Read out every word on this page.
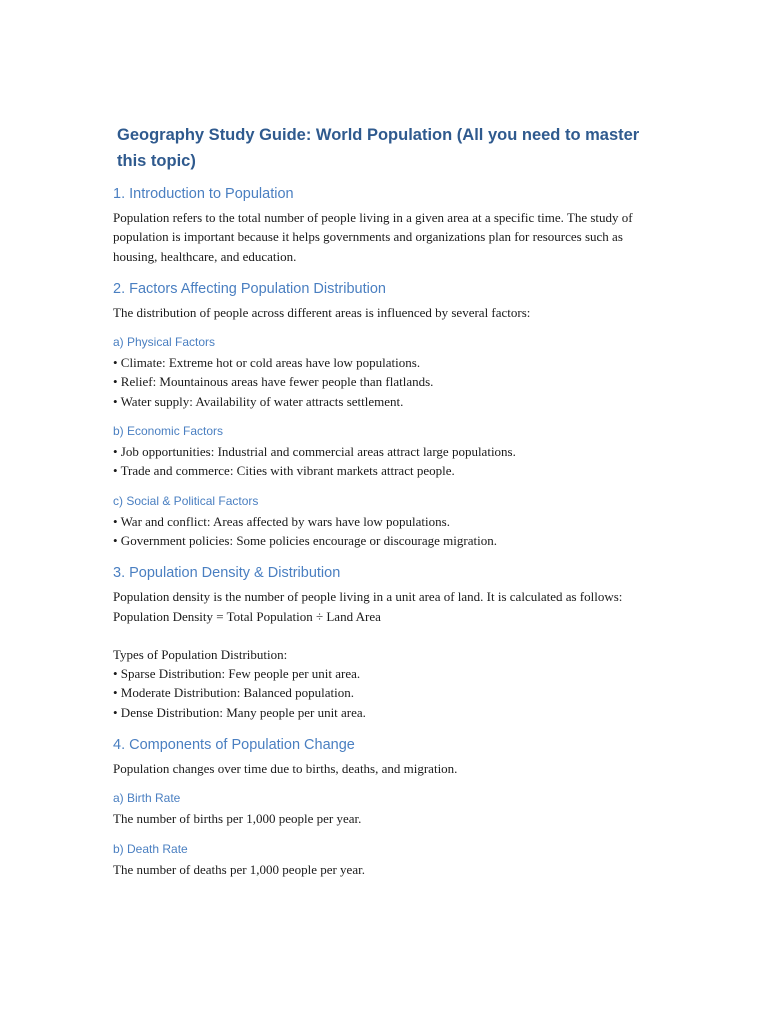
Geography Study Guide: World Population (All you need to master this topic)
1. Introduction to Population

Population refers to the total number of people living in a given area at a specific time. The study of population is important because it helps governments and organizations plan for resources such as housing, healthcare, and education.

2. Factors Affecting Population Distribution

The distribution of people across different areas is influenced by several factors:

a) Physical Factors

• Climate: Extreme hot or cold areas have low populations.

• Relief: Mountainous areas have fewer people than flatlands.

• Water supply: Availability of water attracts settlement.

b) Economic Factors

• Job opportunities: Industrial and commercial areas attract large populations.

• Trade and commerce: Cities with vibrant markets attract people.

c) Social & Political Factors

• War and conflict: Areas affected by wars have low populations.

• Government policies: Some policies encourage or discourage migration.

3. Population Density & Distribution

Population density is the number of people living in a unit area of land. It is calculated as follows:

Population Density = Total Population ÷ Land Area

Types of Population Distribution:

• Sparse Distribution: Few people per unit area.

• Moderate Distribution: Balanced population.

• Dense Distribution: Many people per unit area.

4. Components of Population Change

Population changes over time due to births, deaths, and migration.

a) Birth Rate

The number of births per 1,000 people per year.

b) Death Rate

The number of deaths per 1,000 people per year.
